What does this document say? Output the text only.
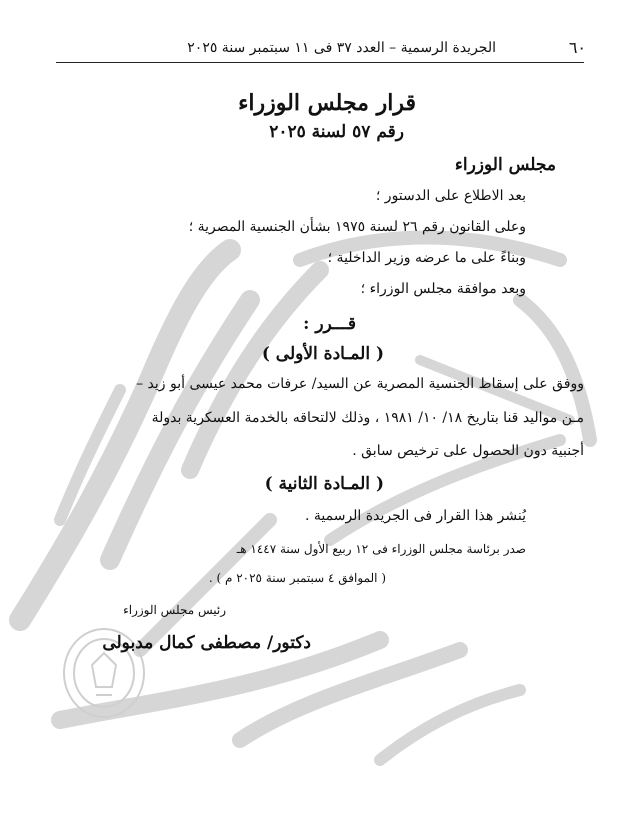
٦٠
الجريدة الرسمية – العدد ٣٧ فى ١١ سبتمبر سنة ٢٠٢٥
قرار مجلس الوزراء
رقم ٥٧ لسنة ٢٠٢٥
مجلس الوزراء
بعد الاطلاع على الدستور ؛
وعلى القانون رقم ٢٦ لسنة ١٩٧٥ بشأن الجنسية المصرية ؛
وبناءً على ما عرضه وزير الداخلية ؛
وبعد موافقة مجلس الوزراء ؛
قـــرر :
( المـادة الأولى )
ووفق على إسقاط الجنسية المصرية عن السيد/ عرفات محمد عيسى أبو زيد –
مـن مواليد قنا بتاريخ ١٨/ ١٠/ ١٩٨١ ، وذلك لالتحاقه بالخدمة العسكرية بدولة
أجنبية دون الحصول على ترخيص سابق .
( المـادة الثانية )
يُنشر هذا القرار فى الجريدة الرسمية .
صدر برئاسة مجلس الوزراء فى ١٢ ربيع الأول سنة ١٤٤٧ هـ
( الموافق ٤ سبتمبر سنة ٢٠٢٥ م ) .
رئيس مجلس الوزراء
دكتور/ مصطفى كمال مدبولى
